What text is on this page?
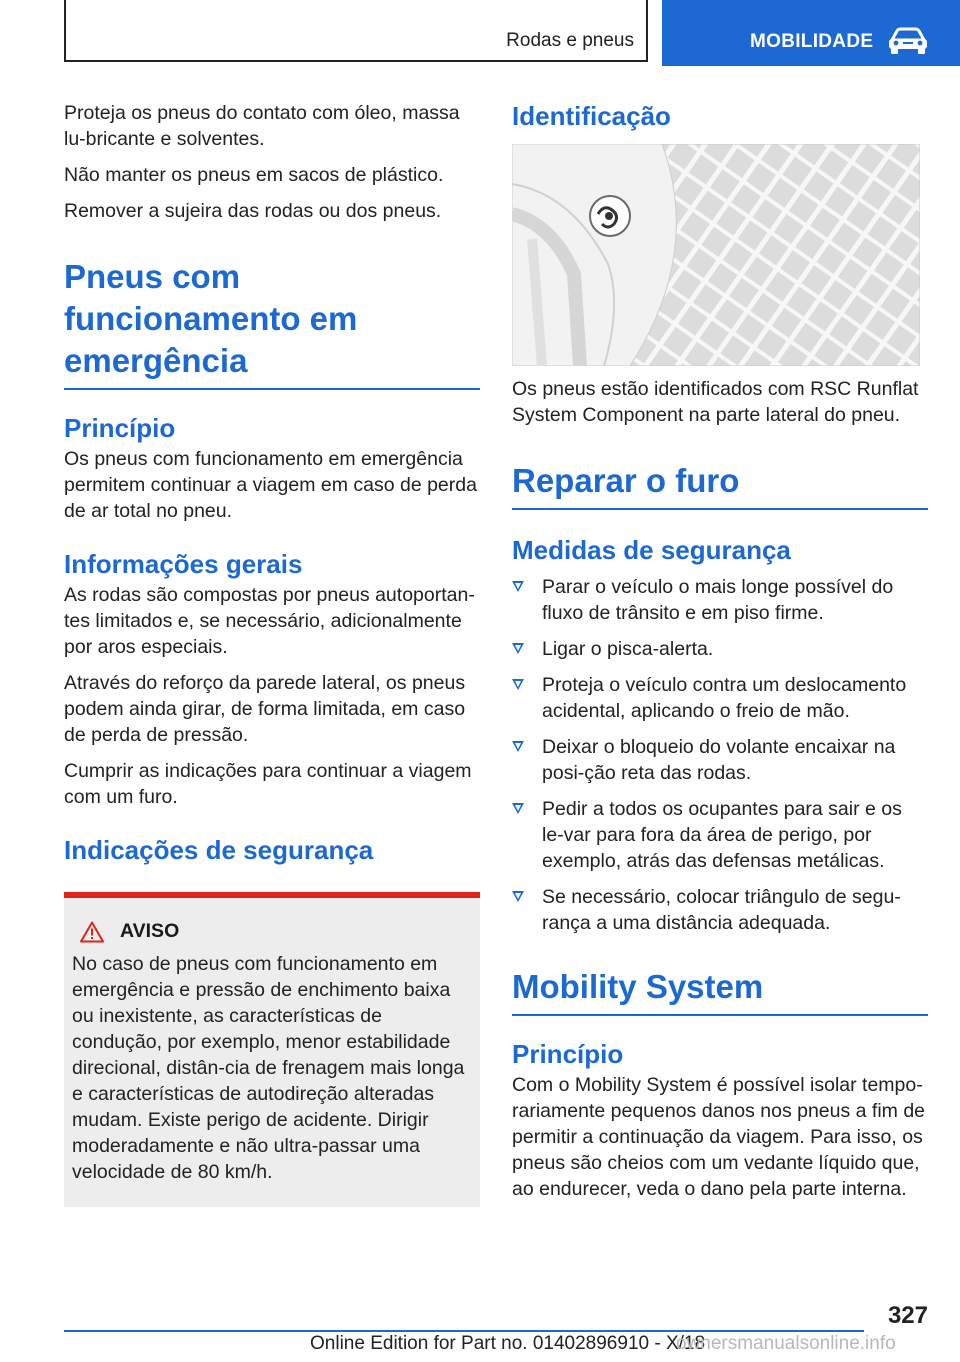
Rodas e pneus	MOBILIDADE

Proteja os pneus do contato com óleo, massa lu-bricante e solventes.

Não manter os pneus em sacos de plástico.

Remover a sujeira das rodas ou dos pneus.

Pneus com funcionamento em emergência
Princípio

Os pneus com funcionamento em emergência permitem continuar a viagem em caso de perda de ar total no pneu.

Informações gerais

As rodas são compostas por pneus autoportan-tes limitados e, se necessário, adicionalmente por aros especiais.

Através do reforço da parede lateral, os pneus podem ainda girar, de forma limitada, em caso de perda de pressão.

Cumprir as indicações para continuar a viagem com um furo.

Indicações de segurança
AVISO

No caso de pneus com funcionamento em emergência e pressão de enchimento baixa ou inexistente, as características de condução, por exemplo, menor estabilidade direcional, distân-cia de frenagem mais longa e características de autodireção alteradas mudam. Existe perigo de acidente. Dirigir moderadamente e não ultra-passar uma velocidade de 80 km/h.

Identificação

Os pneus estão identificados com RSC Runflat System Component na parte lateral do pneu.

Reparar o furo
Medidas de segurança
Parar o veículo o mais longe possível do fluxo de trânsito e em piso firme.
Ligar o pisca-alerta.
Proteja o veículo contra um deslocamento acidental, aplicando o freio de mão.
Deixar o bloqueio do volante encaixar na posi-ção reta das rodas.
Pedir a todos os ocupantes para sair e os le-var para fora da área de perigo, por exemplo, atrás das defensas metálicas.
Se necessário, colocar triângulo de segu-rança a uma distância adequada.
Mobility System
Princípio

Com o Mobility System é possível isolar tempo-rariamente pequenos danos nos pneus a fim de permitir a continuação da viagem. Para isso, os pneus são cheios com um vedante líquido que, ao endurecer, veda o dano pela parte interna.

327
Online Edition for Part no. 01402896910 - X/18
ownersmanualsonline.info
